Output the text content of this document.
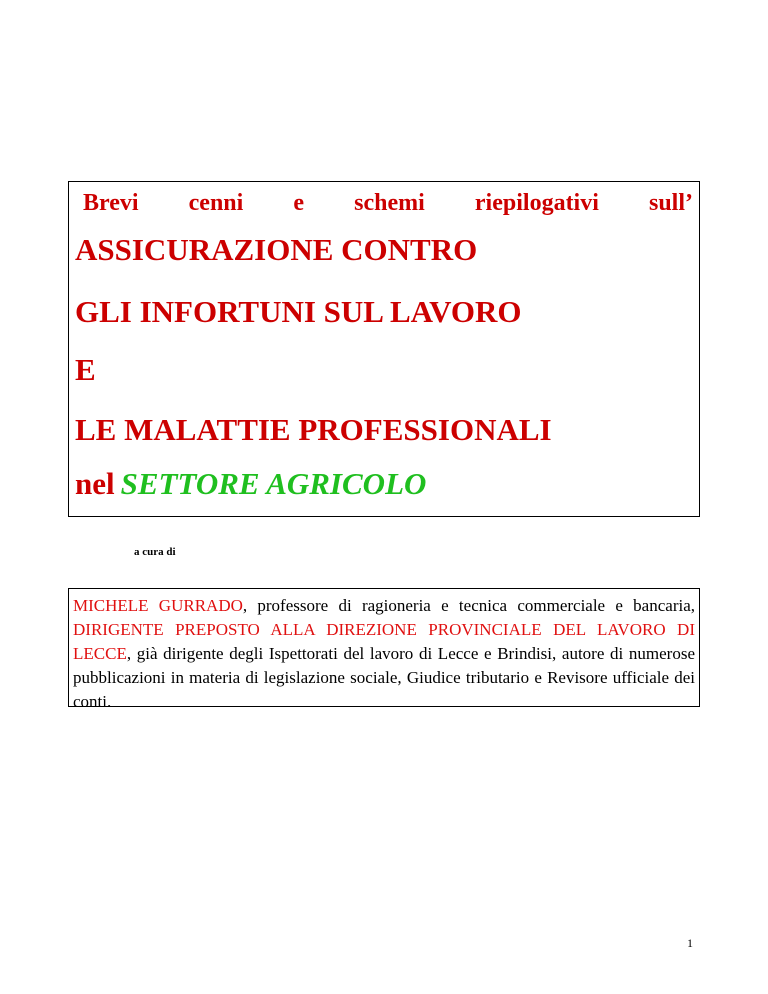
Brevi cenni e schemi riepilogativi sull’
ASSICURAZIONE CONTRO
GLI INFORTUNI SUL LAVORO
E
LE MALATTIE PROFESSIONALI
nel SETTORE AGRICOLO
a cura di
MICHELE GURRADO, professore di ragioneria e tecnica commerciale e bancaria, DIRIGENTE PREPOSTO ALLA DIREZIONE PROVINCIALE DEL LAVORO DI LECCE, già dirigente degli Ispettorati del lavoro di Lecce e Brindisi, autore di numerose pubblicazioni in materia di legislazione sociale, Giudice tributario e Revisore ufficiale dei conti.
1
